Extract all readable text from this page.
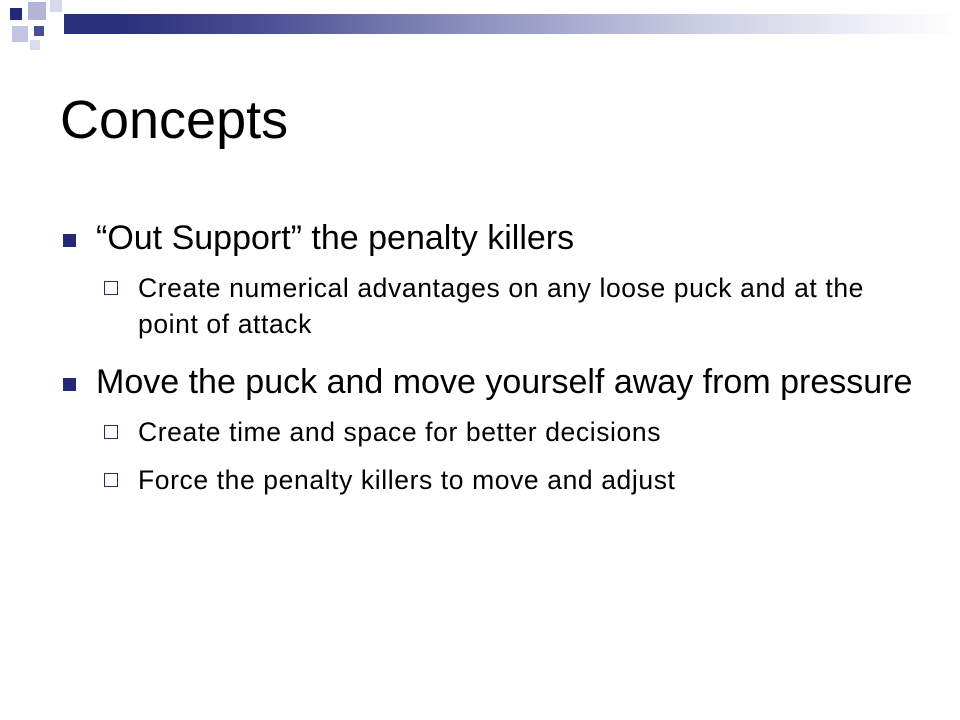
Concepts
“Out Support” the penalty killers
Create numerical advantages on any loose puck and at the point of attack
Move the puck and move yourself away from pressure
Create time and space for better decisions
Force the penalty killers to move and adjust
